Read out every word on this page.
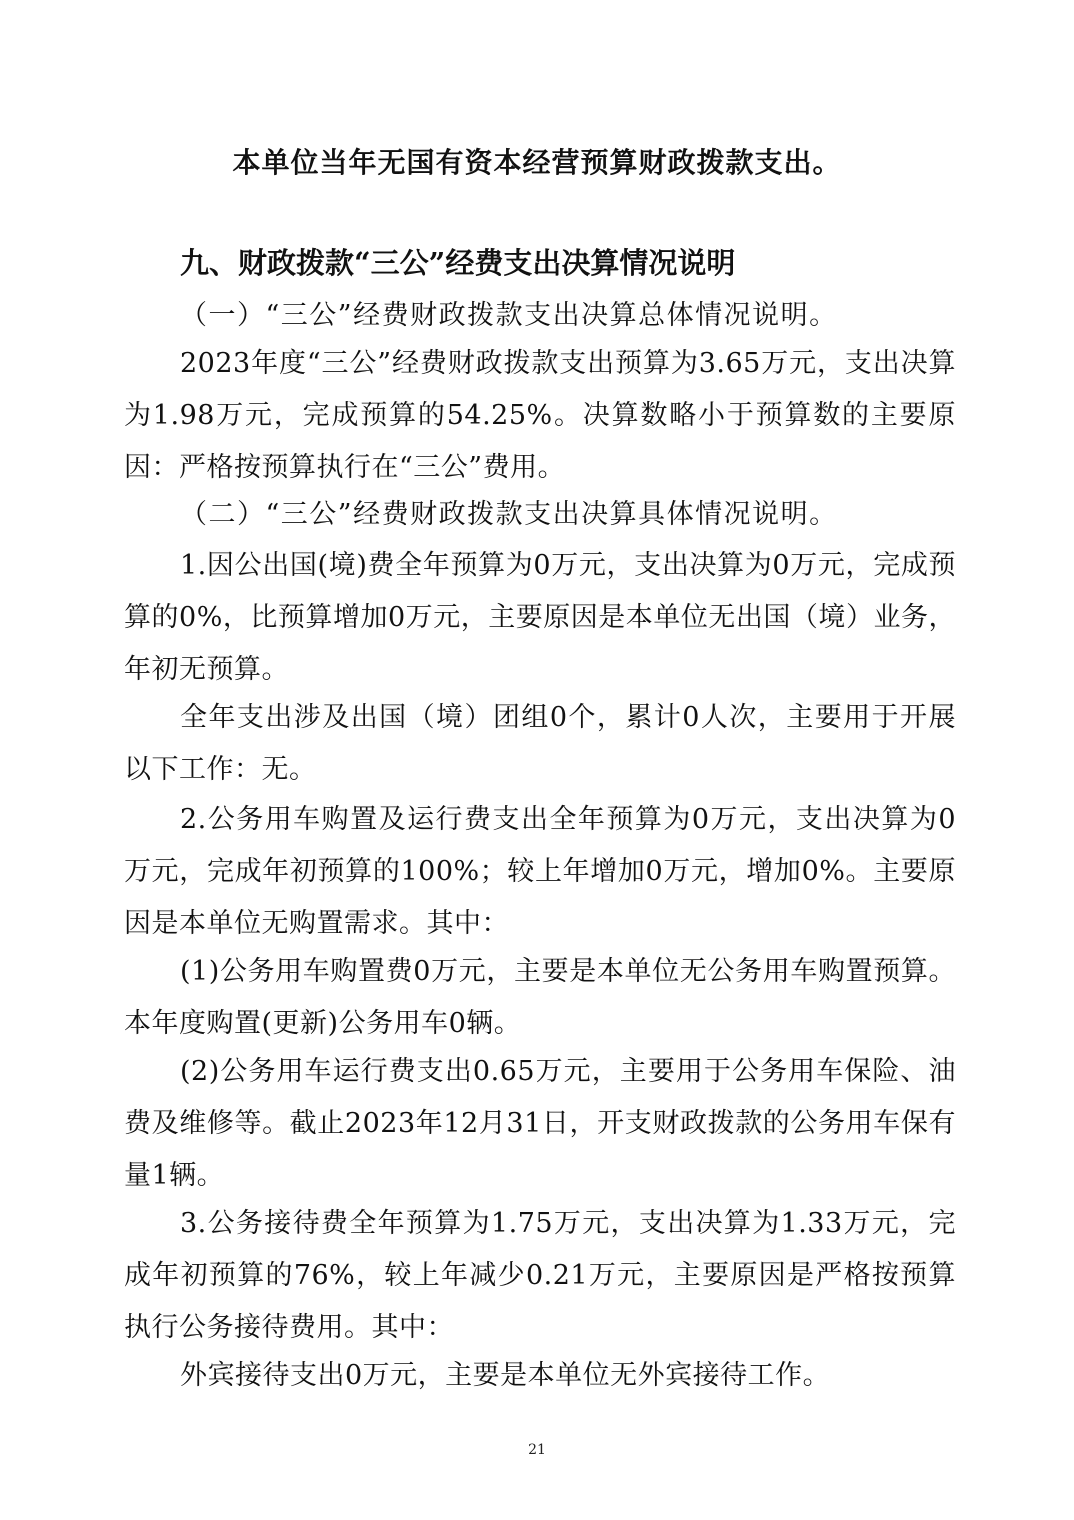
本单位当年无国有资本经营预算财政拨款支出。
九、财政拨款“三公”经费支出决算情况说明
（一）“三公”经费财政拨款支出决算总体情况说明。
2023年度“三公”经费财政拨款支出预算为3.65万元，支出决算为1.98万元，完成预算的54.25%。决算数略小于预算数的主要原因：严格按预算执行在“三公”费用。
（二）“三公”经费财政拨款支出决算具体情况说明。
1.因公出国(境)费全年预算为0万元，支出决算为0万元，完成预算的0%，比预算增加0万元，主要原因是本单位无出国（境）业务，年初无预算。
全年支出涉及出国（境）团组0个，累计0人次，主要用于开展以下工作：无。
2.公务用车购置及运行费支出全年预算为0万元，支出决算为0万元，完成年初预算的100%；较上年增加0万元，增加0%。主要原因是本单位无购置需求。其中：
(1)公务用车购置费0万元，主要是本单位无公务用车购置预算。本年度购置(更新)公务用车0辆。
(2)公务用车运行费支出0.65万元，主要用于公务用车保险、油费及维修等。截止2023年12月31日，开支财政拨款的公务用车保有量1辆。
3.公务接待费全年预算为1.75万元，支出决算为1.33万元，完成年初预算的76%，较上年减少0.21万元，主要原因是严格按预算执行公务接待费用。其中：
外宾接待支出0万元，主要是本单位无外宾接待工作。
21
